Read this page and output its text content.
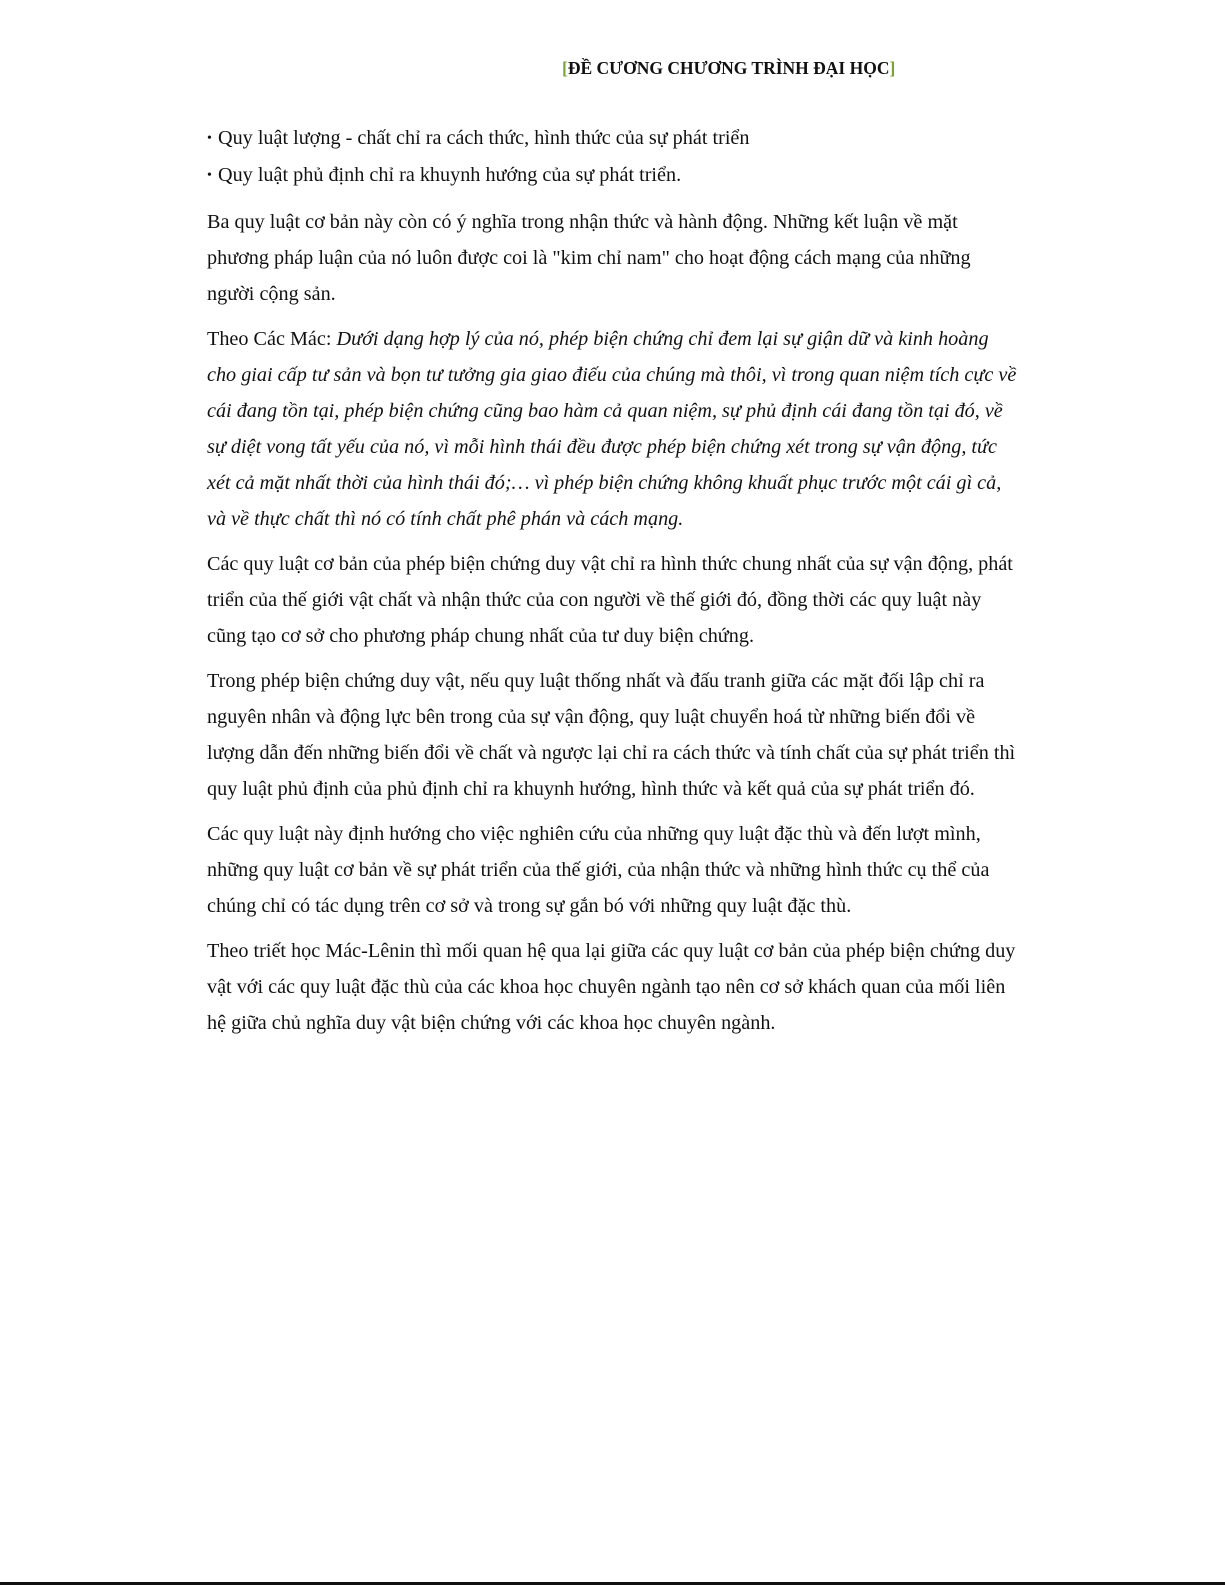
[ĐỀ CƯƠNG CHƯƠNG TRÌNH ĐẠI HỌC]

• Quy luật lượng - chất chỉ ra cách thức, hình thức của sự phát triển

• Quy luật phủ định chỉ ra khuynh hướng của sự phát triển.

Ba quy luật cơ bản này còn có ý nghĩa trong nhận thức và hành động. Những kết luận về mặt phương pháp luận của nó luôn được coi là "kim chỉ nam" cho hoạt động cách mạng của những người cộng sản.

Theo Các Mác: Dưới dạng hợp lý của nó, phép biện chứng chỉ đem lại sự giận dữ và kinh hoàng cho giai cấp tư sản và bọn tư tưởng gia giao điếu của chúng mà thôi, vì trong quan niệm tích cực về cái đang tồn tại, phép biện chứng cũng bao hàm cả quan niệm, sự phủ định cái đang tồn tại đó, về sự diệt vong tất yếu của nó, vì mỗi hình thái đều được phép biện chứng xét trong sự vận động, tức xét cả mặt nhất thời của hình thái đó;… vì phép biện chứng không khuất phục trước một cái gì cả, và về thực chất thì nó có tính chất phê phán và cách mạng.

Các quy luật cơ bản của phép biện chứng duy vật chỉ ra hình thức chung nhất của sự vận động, phát triển của thế giới vật chất và nhận thức của con người về thế giới đó, đồng thời các quy luật này cũng tạo cơ sở cho phương pháp chung nhất của tư duy biện chứng.

Trong phép biện chứng duy vật, nếu quy luật thống nhất và đấu tranh giữa các mặt đối lập chỉ ra nguyên nhân và động lực bên trong của sự vận động, quy luật chuyển hoá từ những biến đổi về lượng dẫn đến những biến đổi về chất và ngược lại chỉ ra cách thức và tính chất của sự phát triển thì quy luật phủ định của phủ định chỉ ra khuynh hướng, hình thức và kết quả của sự phát triển đó.

Các quy luật này định hướng cho việc nghiên cứu của những quy luật đặc thù và đến lượt mình, những quy luật cơ bản về sự phát triển của thế giới, của nhận thức và những hình thức cụ thể của chúng chỉ có tác dụng trên cơ sở và trong sự gắn bó với những quy luật đặc thù.

Theo triết học Mác-Lênin thì mối quan hệ qua lại giữa các quy luật cơ bản của phép biện chứng duy vật với các quy luật đặc thù của các khoa học chuyên ngành tạo nên cơ sở khách quan của mối liên hệ giữa chủ nghĩa duy vật biện chứng với các khoa học chuyên ngành.
